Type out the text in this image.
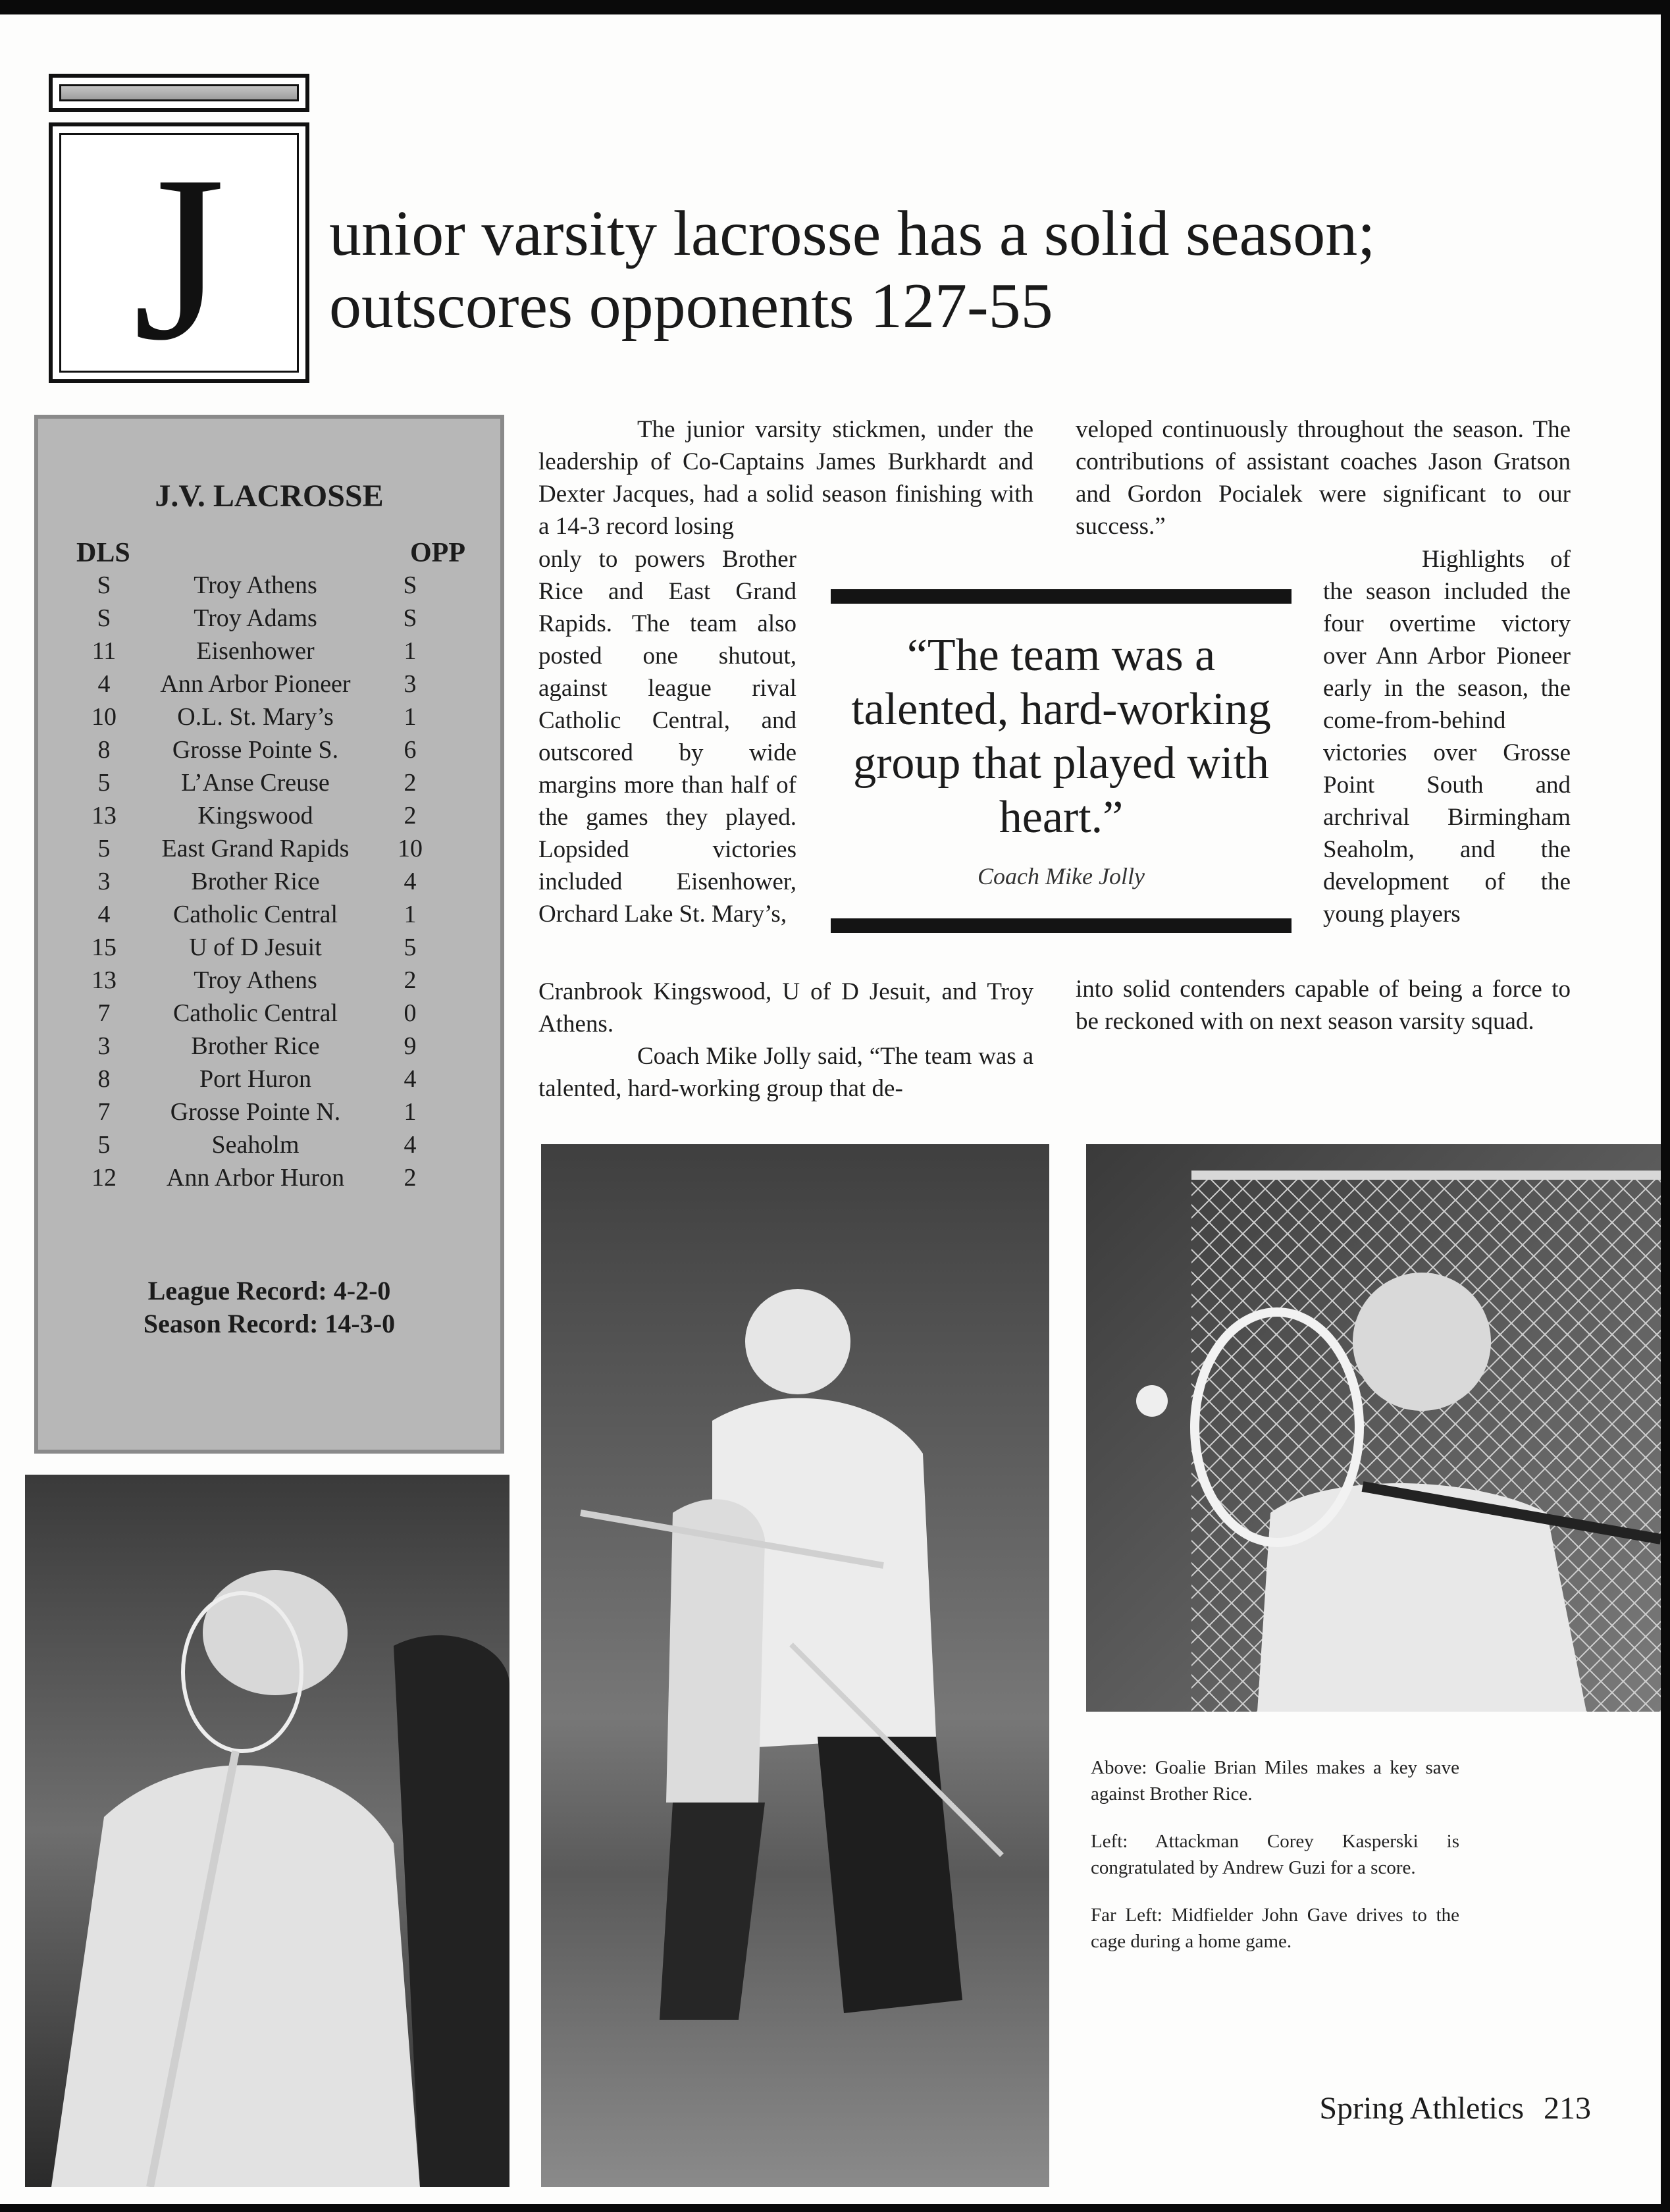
J	unior varsity lacrosse has a solid season;
outscores opponents 127-55
J.V. LACROSSE
DLS	OPP
S	Troy Athens	S
S	Troy Adams	S
11	Eisenhower	1
4	Ann Arbor Pioneer	3
10	O.L. St. Mary’s	1
8	Grosse Pointe S.	6
5	L’Anse Creuse	2
13	Kingswood	2
5	East Grand Rapids	10
3	Brother Rice	4
4	Catholic Central	1
15	U of D Jesuit	5
13	Troy Athens	2
7	Catholic Central	0
3	Brother Rice	9
8	Port Huron	4
7	Grosse Pointe N.	1
5	Seaholm	4
12	Ann Arbor Huron	2
League Record: 4-2-0
Season Record: 14-3-0

The junior varsity stickmen, under the leadership of Co-Captains James Burkhardt and Dexter Jacques, had a solid season finishing with a 14-3 record losing

only to powers Brother Rice and East Grand Rapids. The team also posted one shutout, against league rival Catholic Central, and outscored by wide margins more than half of the games they played. Lopsided victories included Eisenhower, Orchard Lake St. Mary’s,

Cranbrook Kingswood, U of D Jesuit, and Troy Athens.

Coach Mike Jolly said, “The team was a talented, hard-working group that de-

veloped continuously throughout the season. The contributions of assistant coaches Jason Gratson and Gordon Pocialek were significant to our success.”

Highlights of the season included the four overtime victory over Ann Arbor Pioneer early in the season, the come-from-behind victories over Grosse Point South and archrival Birmingham Seaholm, and the development of the young players

into solid contenders capable of being a force to be reckoned with on next season varsity squad.

“The team was a talented, hard-working group that played with heart.”

Coach Mike Jolly

Above: Goalie Brian Miles makes a key save against Brother Rice.

Left: Attackman Corey Kasperski is congratulated by Andrew Guzi for a score.

Far Left: Midfielder John Gave drives to the cage during a home game.

Spring Athletics 213
